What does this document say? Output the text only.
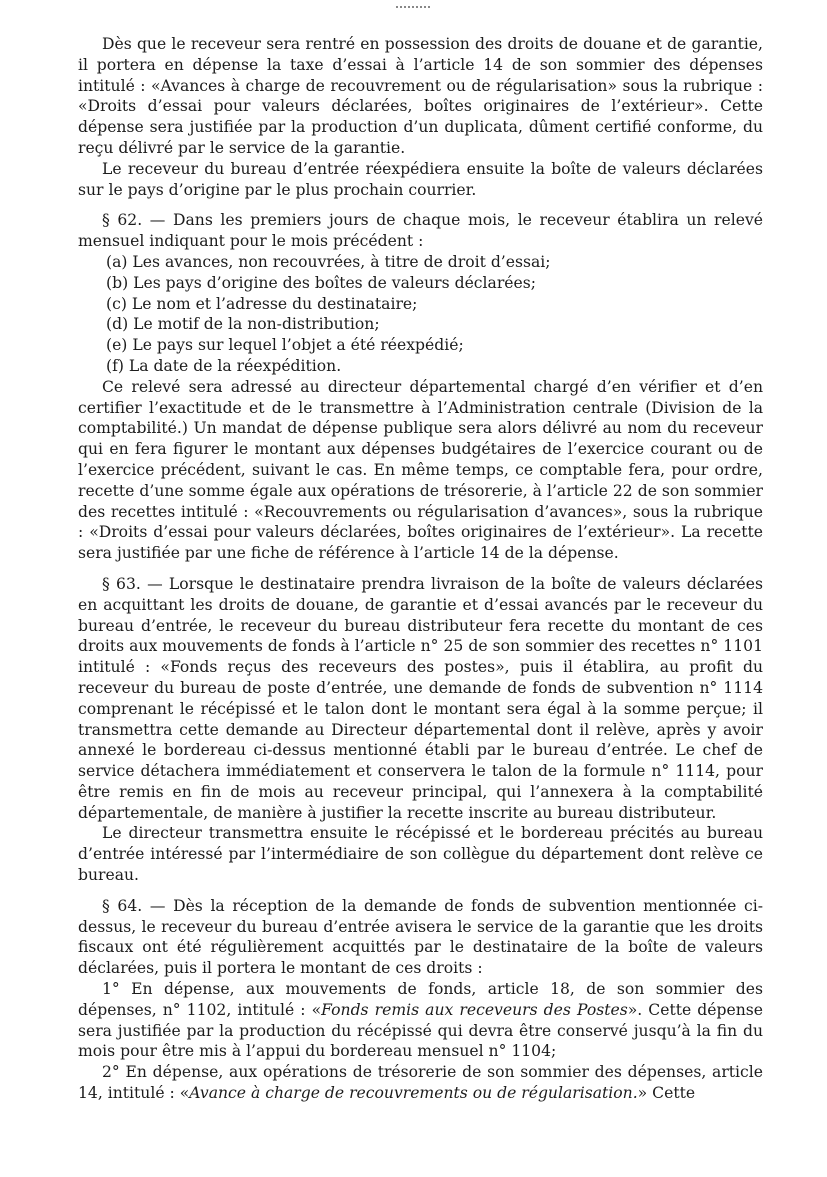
Dès que le receveur sera rentré en possession des droits de douane et de garantie, il portera en dépense la taxe d’essai à l’article 14 de son sommier des dépenses intitulé : «Avances à charge de recouvrement ou de régularisation» sous la rubrique : «Droits d’essai pour valeurs déclarées, boîtes originaires de l’extérieur». Cette dépense sera justifiée par la production d’un duplicata, dûment certifié conforme, du reçu délivré par le service de la garantie.

Le receveur du bureau d’entrée réexpédiera ensuite la boîte de valeurs déclarées sur le pays d’origine par le plus prochain courrier.

§ 62. — Dans les premiers jours de chaque mois, le receveur établira un relevé mensuel indiquant pour le mois précédent :

(a) Les avances, non recouvrées, à titre de droit d’essai;

(b) Les pays d’origine des boîtes de valeurs déclarées;

(c) Le nom et l’adresse du destinataire;

(d) Le motif de la non-distribution;

(e) Le pays sur lequel l’objet a été réexpédié;

(f) La date de la réexpédition.

Ce relevé sera adressé au directeur départemental chargé d’en vérifier et d’en certifier l’exactitude et de le transmettre à l’Administration centrale (Division de la comptabilité.) Un mandat de dépense publique sera alors délivré au nom du receveur qui en fera figurer le montant aux dépenses budgétaires de l’exercice courant ou de l’exercice précédent, suivant le cas. En même temps, ce comptable fera, pour ordre, recette d’une somme égale aux opérations de trésorerie, à l’article 22 de son sommier des recettes intitulé : «Recouvrements ou régularisation d’avances», sous la rubrique : «Droits d’essai pour valeurs déclarées, boîtes originaires de l’extérieur». La recette sera justifiée par une fiche de référence à l’article 14 de la dépense.

§ 63. — Lorsque le destinataire prendra livraison de la boîte de valeurs déclarées en acquittant les droits de douane, de garantie et d’essai avancés par le receveur du bureau d’entrée, le receveur du bureau distributeur fera recette du montant de ces droits aux mouvements de fonds à l’article n° 25 de son sommier des recettes n° 1101 intitulé : «Fonds reçus des receveurs des postes», puis il établira, au profit du receveur du bureau de poste d’entrée, une demande de fonds de subvention n° 1114 comprenant le récépissé et le talon dont le montant sera égal à la somme perçue; il transmettra cette demande au Directeur départemental dont il relève, après y avoir annexé le bordereau ci-dessus mentionné établi par le bureau d’entrée. Le chef de service détachera immédiatement et conservera le talon de la formule n° 1114, pour être remis en fin de mois au receveur principal, qui l’annexera à la comptabilité départementale, de manière à justifier la recette inscrite au bureau distributeur.

Le directeur transmettra ensuite le récépissé et le bordereau précités au bureau d’entrée intéressé par l’intermédiaire de son collègue du département dont relève ce bureau.

§ 64. — Dès la réception de la demande de fonds de subvention mentionnée ci-dessus, le receveur du bureau d’entrée avisera le service de la garantie que les droits fiscaux ont été régulièrement acquittés par le destinataire de la boîte de valeurs déclarées, puis il portera le montant de ces droits :

1° En dépense, aux mouvements de fonds, article 18, de son sommier des dépenses, n° 1102, intitulé : «Fonds remis aux receveurs des Postes». Cette dépense sera justifiée par la production du récépissé qui devra être conservé jusqu’à la fin du mois pour être mis à l’appui du bordereau mensuel n° 1104;

2° En dépense, aux opérations de trésorerie de son sommier des dépenses, article 14, intitulé : «Avance à charge de recouvrements ou de régularisation.» Cette
